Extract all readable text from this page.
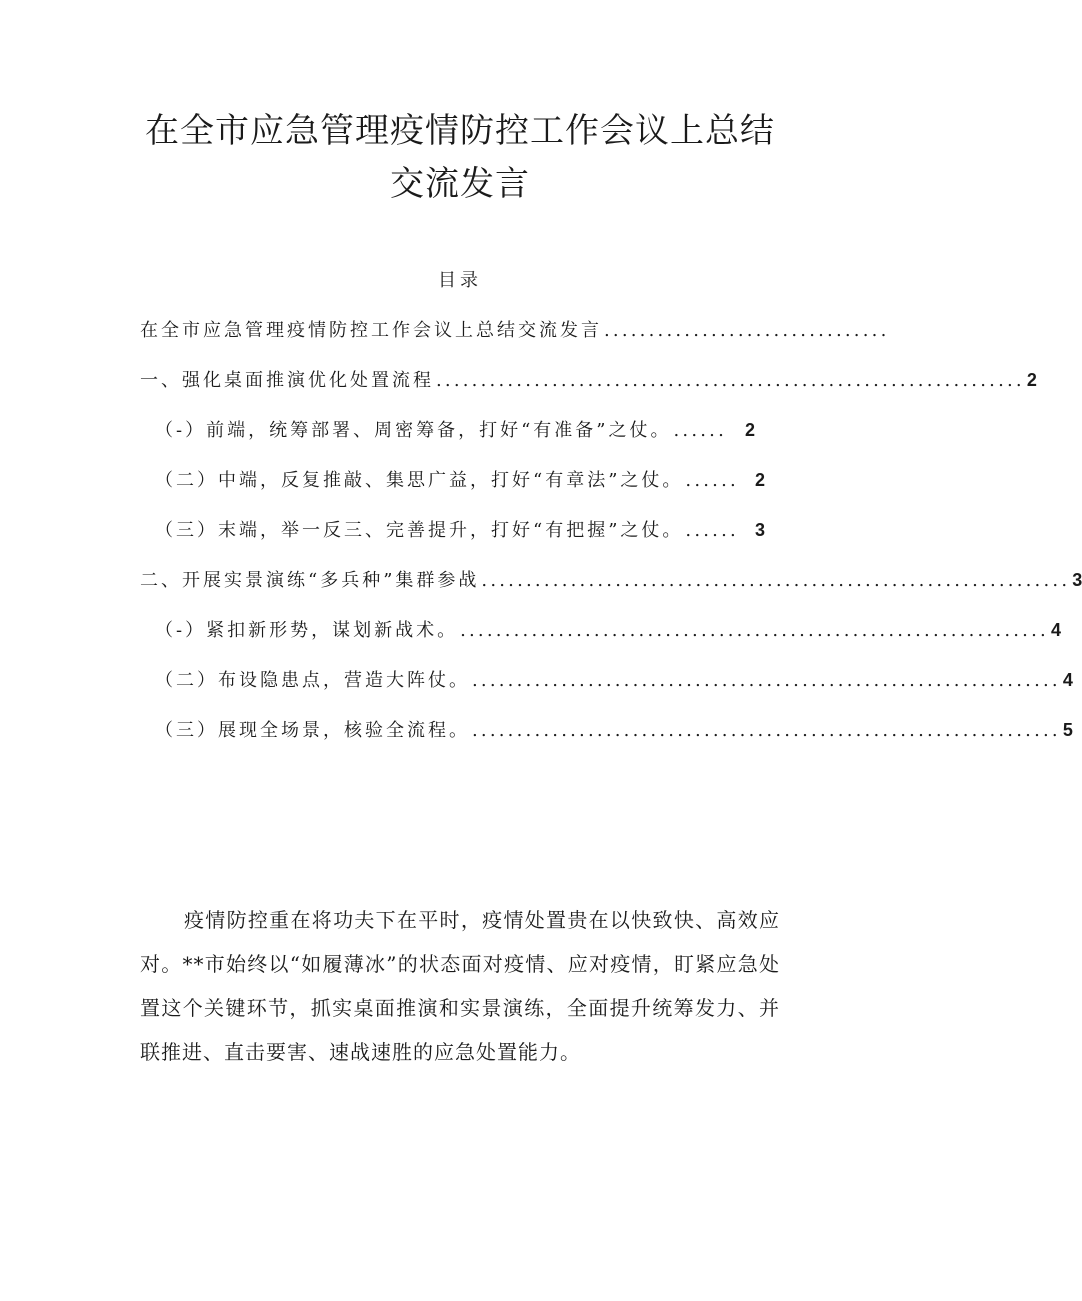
在全市应急管理疫情防控工作会议上总结
交流发言
目录
在全市应急管理疫情防控工作会议上总结交流发言 ................................
一、强化桌面推演优化处置流程 .................................................................. 2
（-）前端，统筹部署、周密筹备，打好“有准备”之仗。 ...... 2
（二）中端，反复推敲、集思广益，打好“有章法”之仗。 ...... 2
（三）末端，举一反三、完善提升，打好“有把握”之仗。 ...... 3
二、开展实景演练“多兵种”集群参战 .................................................................. 3
（-）紧扣新形势，谋划新战术。 .................................................................. 4
（二）布设隐患点，营造大阵仗。 .................................................................. 4
（三）展现全场景，核验全流程。 .................................................................. 5
疫情防控重在将功夫下在平时，疫情处置贵在以快致快、高效应对。**市始终以“如履薄冰”的状态面对疫情、应对疫情，盯紧应急处置这个关键环节，抓实桌面推演和实景演练，全面提升统筹发力、并联推进、直击要害、速战速胜的应急处置能力。
